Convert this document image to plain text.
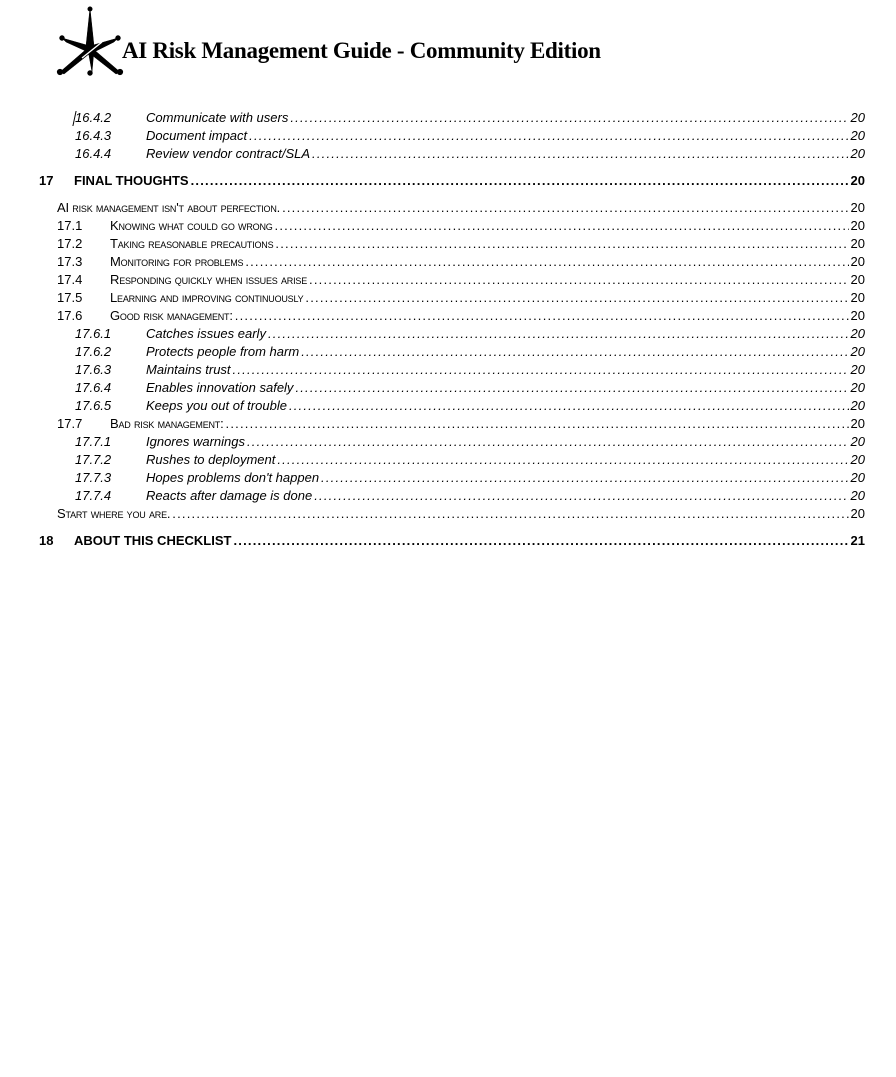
AI Risk Management Guide - Community Edition
16.4.2	Communicate with users .....	20
16.4.3	Document impact .....	20
16.4.4	Review vendor contract/SLA .....	20
17	FINAL THOUGHTS .....	20
AI risk management isn't about perfection. .....	20
17.1	Knowing what could go wrong .....	20
17.2	Taking reasonable precautions .....	20
17.3	Monitoring for problems .....	20
17.4	Responding quickly when issues arise .....	20
17.5	Learning and improving continuously .....	20
17.6	Good risk management: .....	20
17.6.1	Catches issues early .....	20
17.6.2	Protects people from harm .....	20
17.6.3	Maintains trust .....	20
17.6.4	Enables innovation safely .....	20
17.6.5	Keeps you out of trouble .....	20
17.7	Bad risk management: .....	20
17.7.1	Ignores warnings .....	20
17.7.2	Rushes to deployment .....	20
17.7.3	Hopes problems don't happen .....	20
17.7.4	Reacts after damage is done .....	20
Start where you are. .....	20
18	ABOUT THIS CHECKLIST .....	21
